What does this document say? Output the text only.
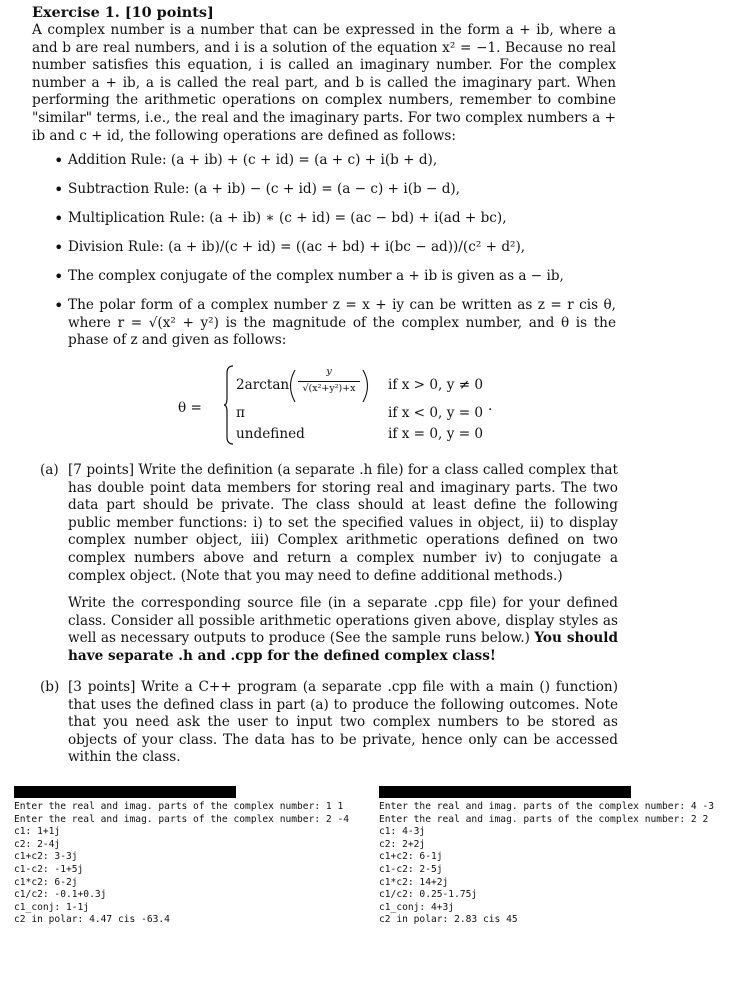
Exercise 1. [10 points]
A complex number is a number that can be expressed in the form a + ib, where a and b are real numbers, and i is a solution of the equation x² = −1. Because no real number satisfies this equation, i is called an imaginary number. For the complex number a + ib, a is called the real part, and b is called the imaginary part. When performing the arithmetic operations on complex numbers, remember to combine "similar" terms, i.e., the real and the imaginary parts. For two complex numbers a + ib and c + id, the following operations are defined as follows:
• Addition Rule: (a + ib) + (c + id) = (a + c) + i(b + d),
• Subtraction Rule: (a + ib) − (c + id) = (a − c) + i(b − d),
• Multiplication Rule: (a + ib) ∗ (c + id) = (ac − bd) + i(ad + bc),
• Division Rule: (a + ib)/(c + id) = ((ac + bd) + i(bc − ad))/(c² + d²),
• The complex conjugate of the complex number a + ib is given as a − ib,
• The polar form of a complex number z = x + iy can be written as z = r cis θ, where r = √(x² + y²) is the magnitude of the complex number, and θ is the phase of z and given as follows:
θ =
2arctan
y
√(x²+y²)+x	if x > 0, y ≠ 0
π	if x < 0, y = 0 ·
undefined	if x = 0, y = 0
(a) [7 points] Write the definition (a separate .h file) for a class called complex that has double point data members for storing real and imaginary parts. The two data part should be private. The class should at least define the following public member functions: i) to set the specified values in object, ii) to display complex number object, iii) Complex arithmetic operations defined on two complex numbers above and return a complex number iv) to conjugate a complex object. (Note that you may need to define additional methods.)

Write the corresponding source file (in a separate .cpp file) for your defined class. Consider all possible arithmetic operations given above, display styles as well as necessary outputs to produce (See the sample runs below.) You should have separate .h and .cpp for the defined complex class!

(b) [3 points] Write a C++ program (a separate .cpp file with a main () function) that uses the defined class in part (a) to produce the following outcomes. Note that you need ask the user to input two complex numbers to be stored as objects of your class. The data has to be private, hence only can be accessed within the class.

Enter the real and imag. parts of the complex number: 1 1
Enter the real and imag. parts of the complex number: 2 -4
c1: 1+1j
c2: 2-4j
c1+c2: 3-3j
c1-c2: -1+5j
c1*c2: 6-2j
c1/c2: -0.1+0.3j
c1_conj: 1-1j
c2 in polar: 4.47 cis -63.4
Enter the real and imag. parts of the complex number: 4 -3
Enter the real and imag. parts of the complex number: 2 2
c1: 4-3j
c2: 2+2j
c1+c2: 6-1j
c1-c2: 2-5j
c1*c2: 14+2j
c1/c2: 0.25-1.75j
c1_conj: 4+3j
c2 in polar: 2.83 cis 45
